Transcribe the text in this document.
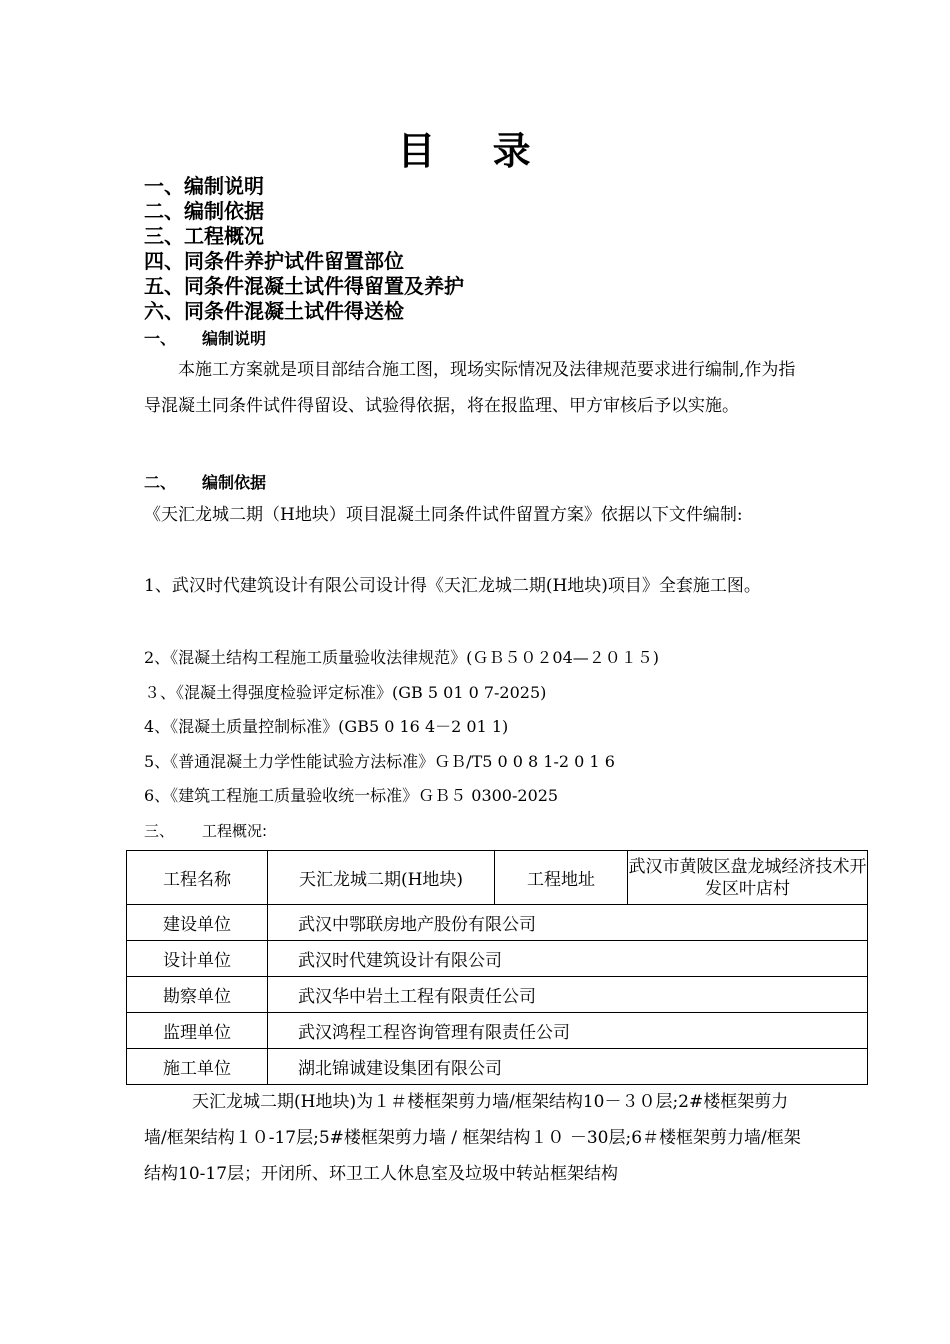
目 录
一、编制说明
二、编制依据
三、工程概况
四、同条件养护试件留置部位
五、同条件混凝土试件得留置及养护
六、同条件混凝土试件得送检
一、 编制说明
本施工方案就是项目部结合施工图，现场实际情况及法律规范要求进行编制,作为指导混凝土同条件试件得留设、试验得依据，将在报监理、甲方审核后予以实施。
二、 编制依据
《天汇龙城二期（H地块）项目混凝土同条件试件留置方案》依据以下文件编制:
1、武汉时代建筑设计有限公司设计得《天汇龙城二期(H地块)项目》全套施工图。
2、《混凝土结构工程施工质量验收法律规范》(ＧＢ５０２04—２０１５)
３、《混凝土得强度检验评定标准》(GB 5 01 0 7-2025)
4、《混凝土质量控制标准》(GB5 0 16 4－2 01 1)
5、《普通混凝土力学性能试验方法标准》ＧＢ/T5 0 0 8 1-2 0 1 6
6、《建筑工程施工质量验收统一标准》ＧＢ５ 0300-2025
三、 工程概况:
工程名称	天汇龙城二期(H地块)	工程地址	武汉市黄陂区盘龙城经济技术开发区叶店村
建设单位	武汉中鄂联房地产股份有限公司		
设计单位	武汉时代建筑设计有限公司		
勘察单位	武汉华中岩土工程有限责任公司		
监理单位	武汉鸿程工程咨询管理有限责任公司		
施工单位	湖北锦诚建设集团有限公司		
天汇龙城二期(H地块)为１＃楼框架剪力墙/框架结构10－３０层;2#楼框架剪力墙/框架结构１０-17层;5#楼框架剪力墙 / 框架结构１０ －30层;6＃楼框架剪力墙/框架结构10-17层；开闭所、环卫工人休息室及垃圾中转站框架结构
